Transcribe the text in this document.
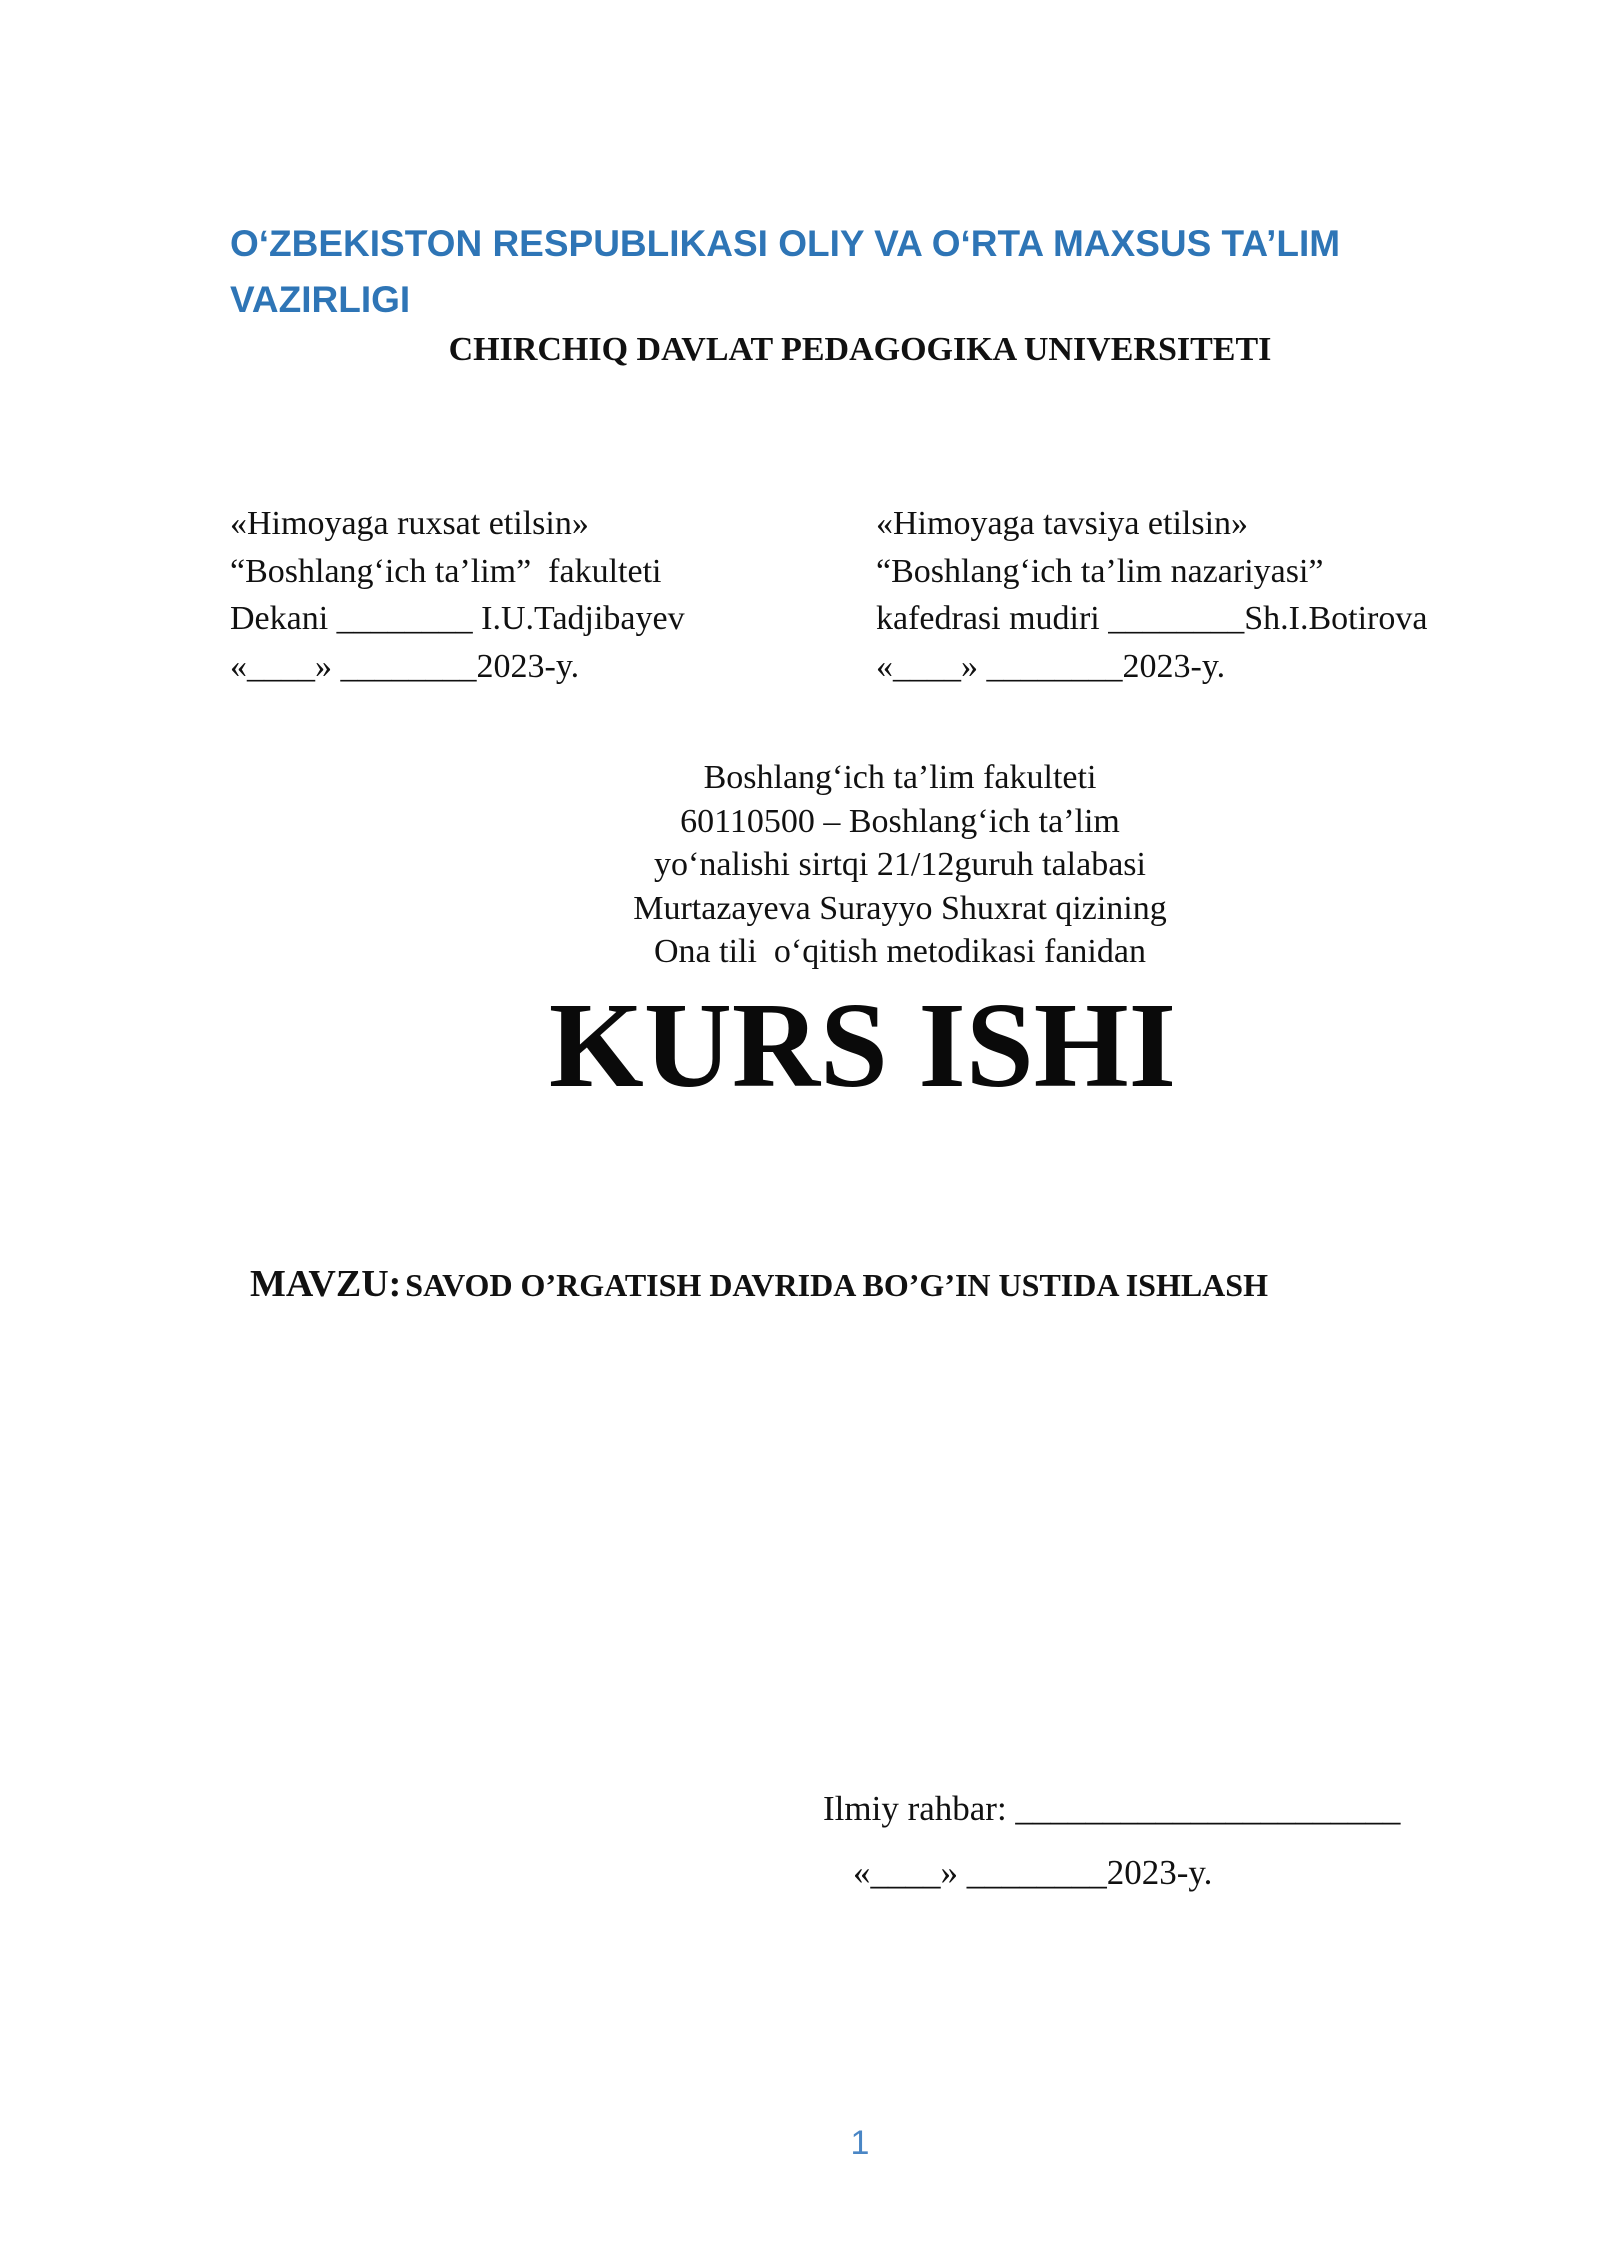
O‘ZBEKISTON RESPUBLIKASI OLIY VA O‘RTA MAXSUS TA’LIM VAZIRLIGI
CHIRCHIQ DAVLAT PEDAGOGIKA UNIVERSITETI
«Himoyaga ruxsat etilsin»
“Boshlang‘ich ta’lim”  fakulteti
Dekani ________ I.U.Tadjibayev
«____» ________2023-y.
«Himoyaga tavsiya etilsin»
“Boshlang‘ich ta’lim nazariyasi”
kafedrasi mudiri ________Sh.I.Botirova
«____» ________2023-y.
Boshlang‘ich ta’lim fakulteti
60110500 – Boshlang‘ich ta’lim
yo‘nalishi sirtqi 21/12guruh talabasi
Murtazayeva Surayyo Shuxrat qizining
Ona tili  o‘qitish metodikasi fanidan
KURS ISHI
MAVZU: SAVOD O’RGATISH DAVRIDA BO’G’IN USTIDA ISHLASH
Ilmiy rahbar: ______________________
«____» ________2023-y.
1
